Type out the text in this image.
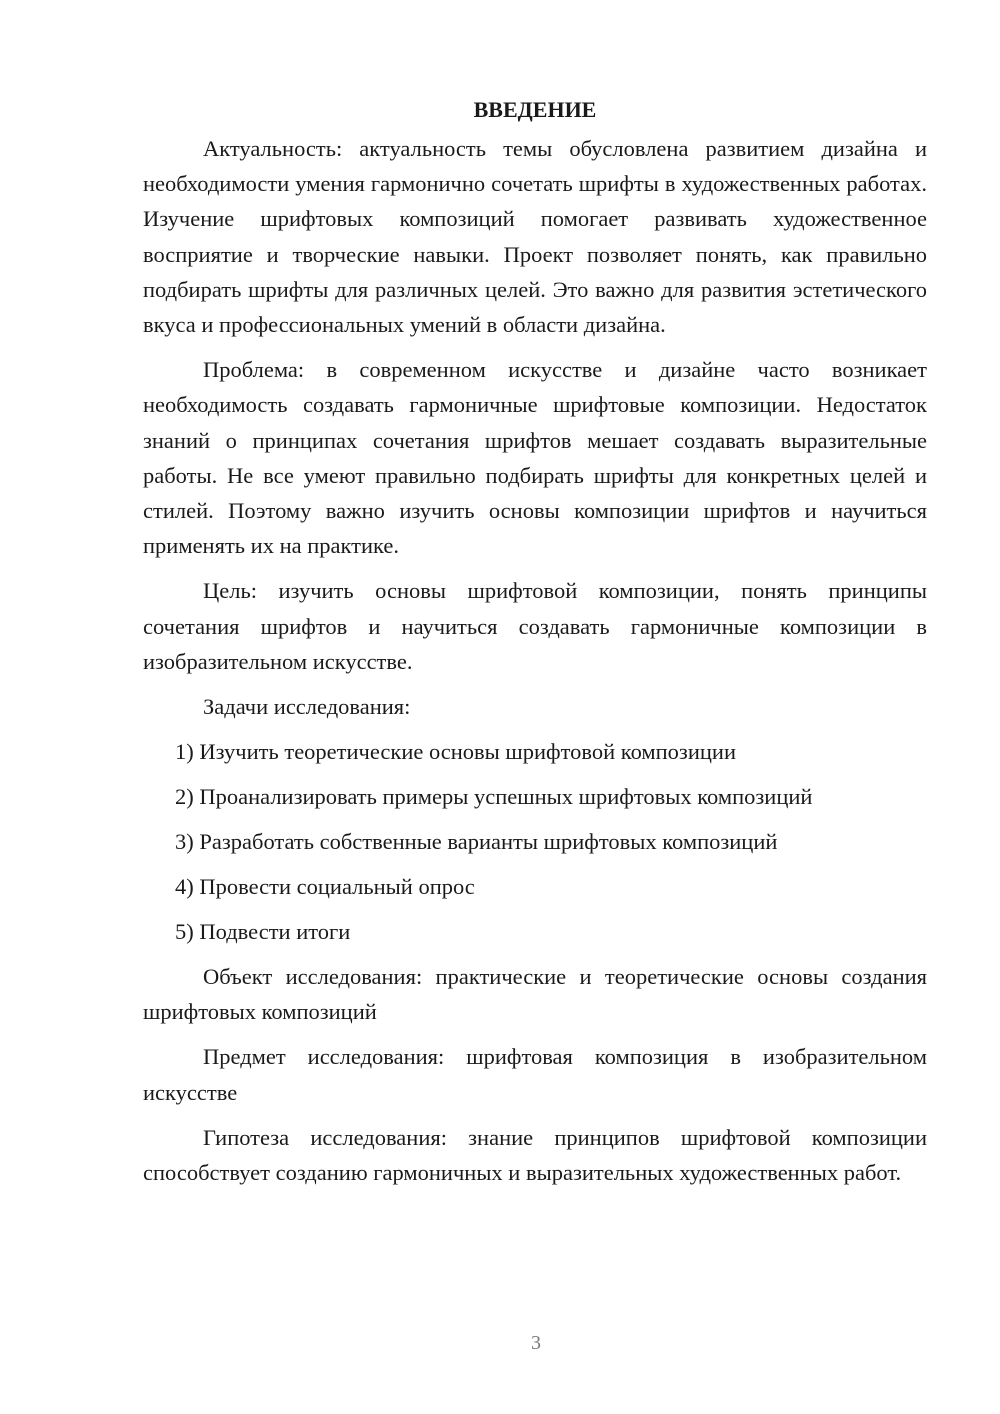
ВВЕДЕНИЕ

Актуальность: актуальность темы обусловлена развитием дизайна и необходимости умения гармонично сочетать шрифты в художественных работах. Изучение шрифтовых композиций помогает развивать художественное восприятие и творческие навыки. Проект позволяет понять, как правильно подбирать шрифты для различных целей. Это важно для развития эстетического вкуса и профессиональных умений в области дизайна.

Проблема: в современном искусстве и дизайне часто возникает необходимость создавать гармоничные шрифтовые композиции. Недостаток знаний о принципах сочетания шрифтов мешает создавать выразительные работы. Не все умеют правильно подбирать шрифты для конкретных целей и стилей. Поэтому важно изучить основы композиции шрифтов и научиться применять их на практике.

Цель: изучить основы шрифтовой композиции, понять принципы сочетания шрифтов и научиться создавать гармоничные композиции в изобразительном искусстве.

Задачи исследования:

1) Изучить теоретические основы шрифтовой композиции
2) Проанализировать примеры успешных шрифтовых композиций
3) Разработать собственные варианты шрифтовых композиций
4) Провести социальный опрос
5) Подвести итоги

Объект исследования: практические и теоретические основы создания шрифтовых композиций

Предмет исследования: шрифтовая композиция в изобразительном искусстве

Гипотеза исследования: знание принципов шрифтовой композиции способствует созданию гармоничных и выразительных художественных работ.

3
